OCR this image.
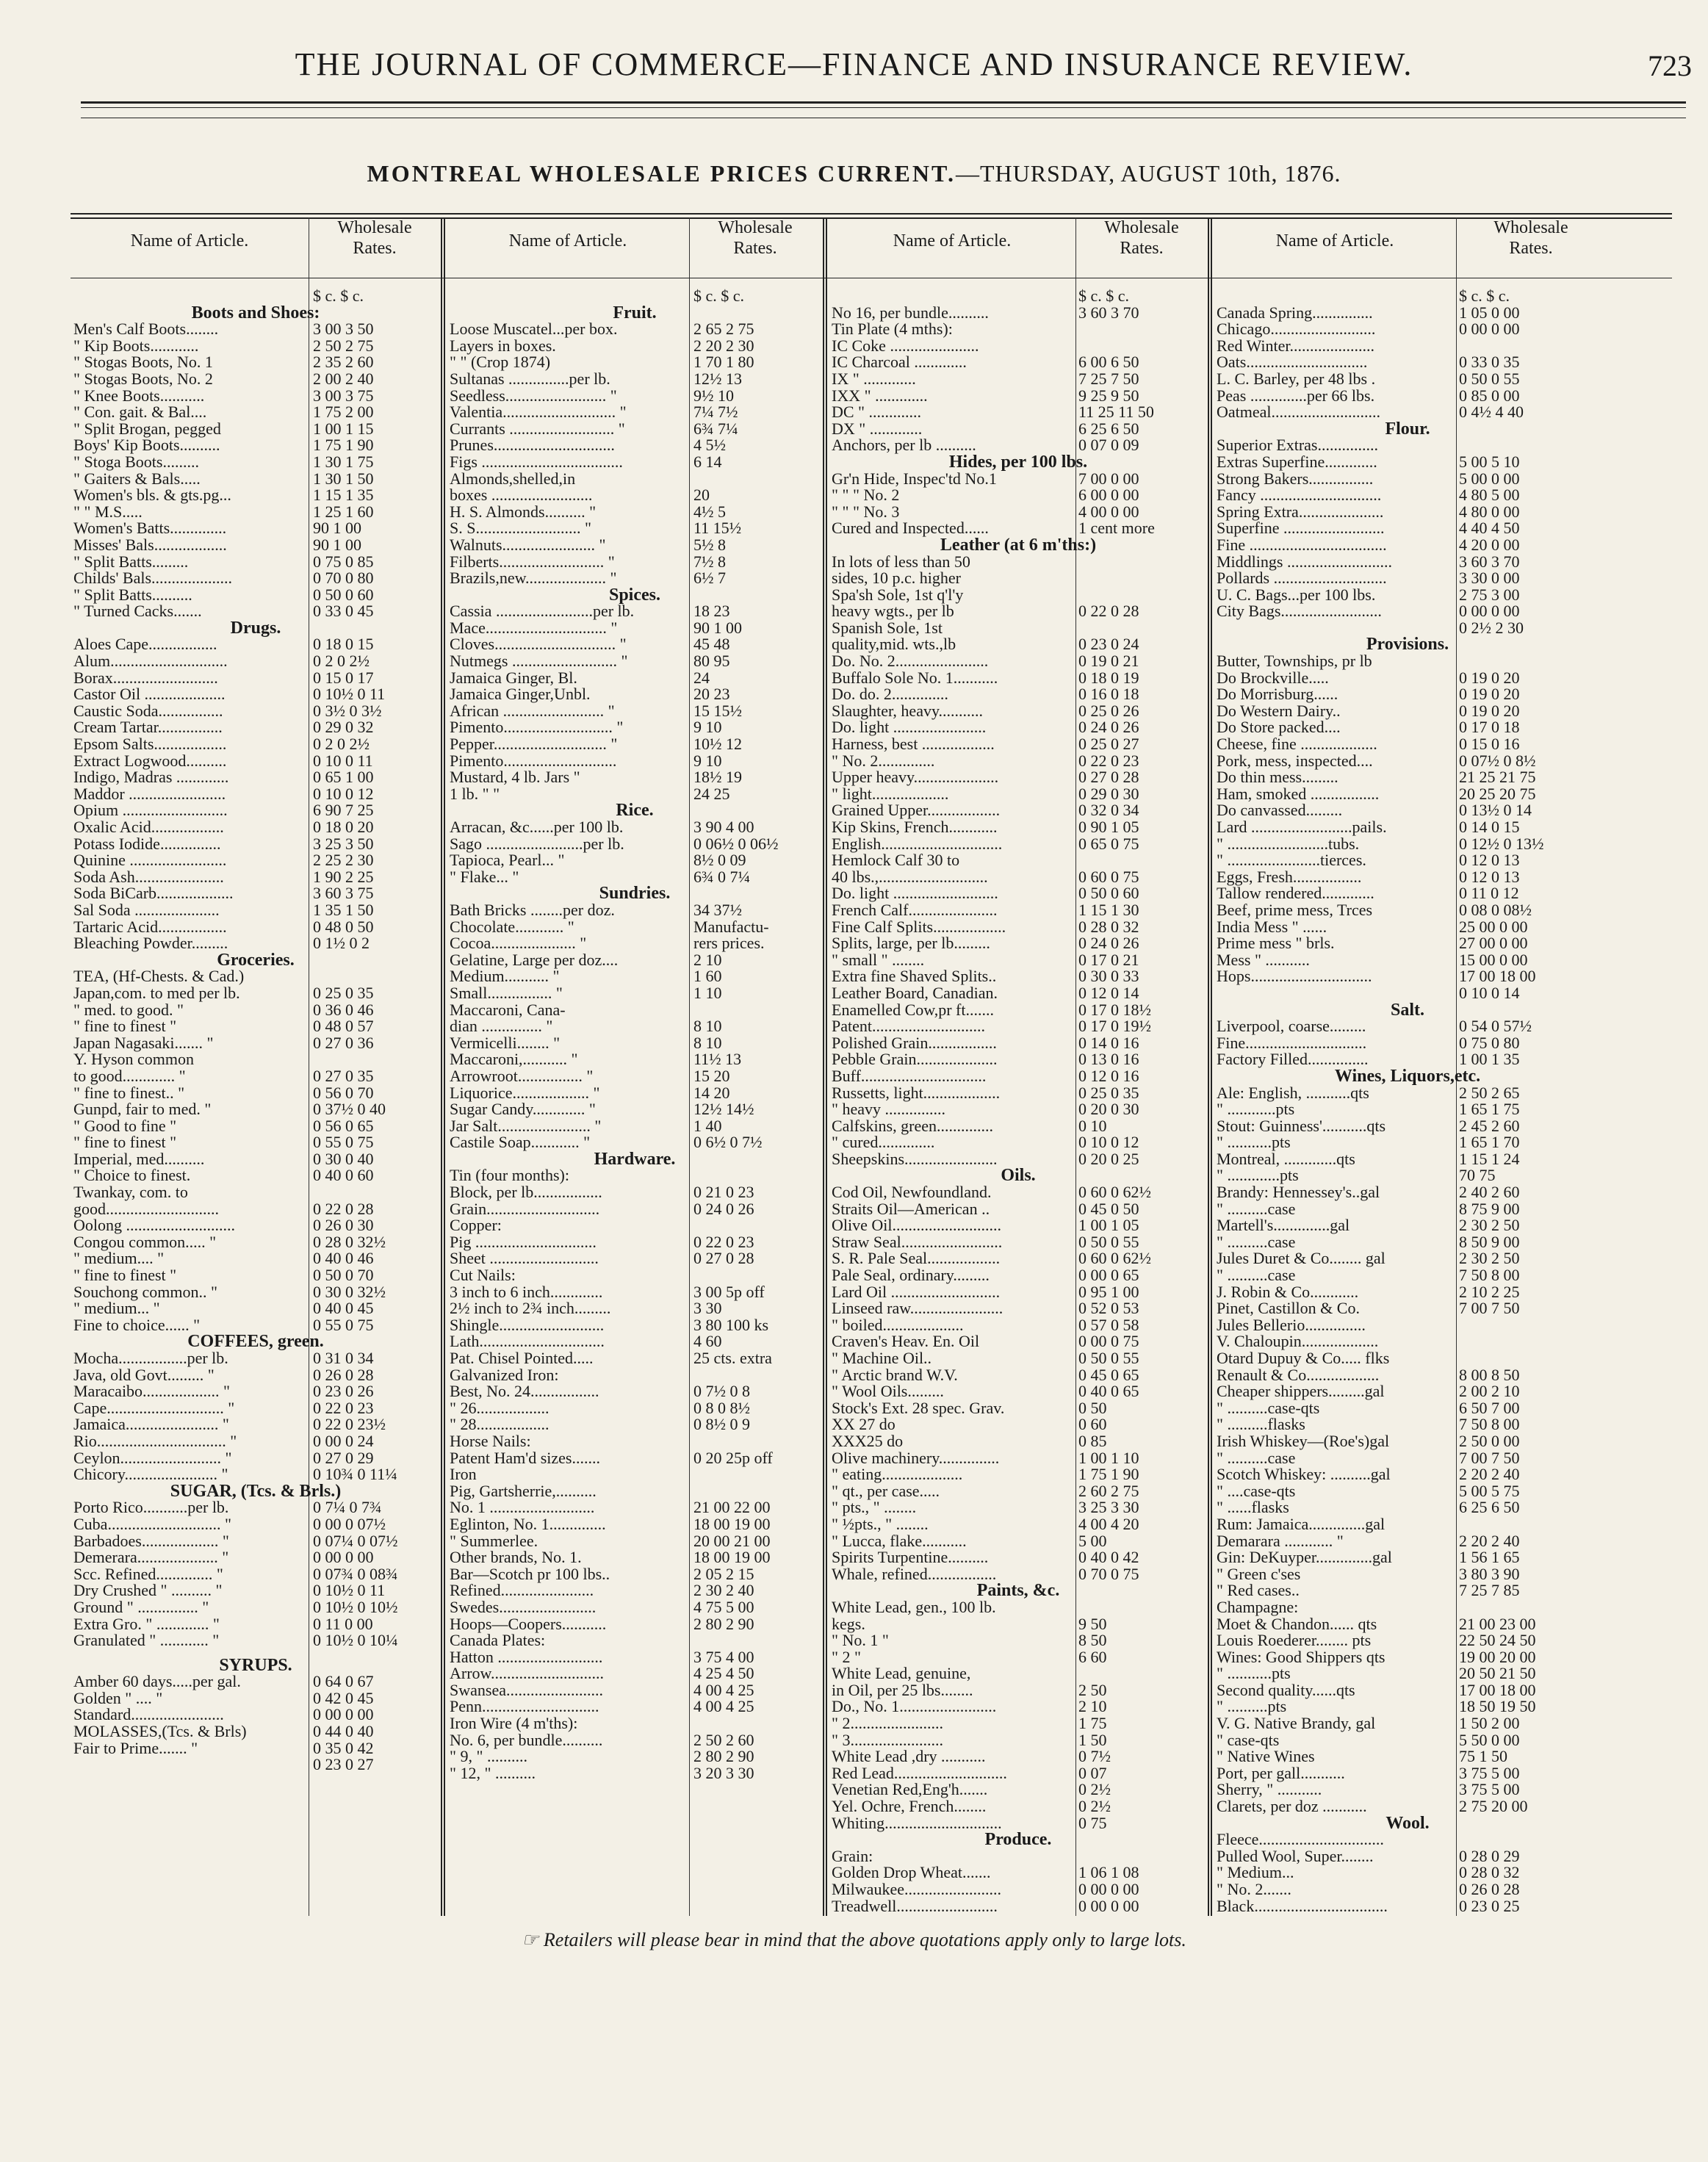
THE JOURNAL OF COMMERCE—FINANCE AND INSURANCE REVIEW.	723
MONTREAL WHOLESALE PRICES CURRENT.—THURSDAY, AUGUST 10th, 1876.
Name of Article.
Wholesale
Rates.	Name of Article.
Wholesale
Rates.	Name of Article.
Wholesale
Rates.	Name of Article.
Wholesale
Rates.
$ c. $ c.
Boots and Shoes:
Men's Calf Boots........	3 00 3 50
" Kip Boots............	2 50 2 75
" Stogas Boots, No. 1	2 35 2 60
" Stogas Boots, No. 2	2 00 2 40
" Knee Boots...........	3 00 3 75
" Con. gait. & Bal....	1 75 2 00
" Split Brogan, pegged	1 00 1 15
Boys' Kip Boots..........	1 75 1 90
" Stoga Boots.........	1 30 1 75
" Gaiters & Bals.....	1 30 1 50
Women's bls. & gts.pg...	1 15 1 35
" " M.S.....	1 25 1 60
Women's Batts..............	90 1 00
Misses' Bals..................	90 1 00
" Split Batts.........	0 75 0 85
Childs' Bals....................	0 70 0 80
" Split Batts..........	0 50 0 60
" Turned Cacks.......	0 33 0 45
Drugs.
Aloes Cape.................	0 18 0 15
Alum.............................	0 2 0 2½
Borax..........................	0 15 0 17
Castor Oil ....................	0 10½ 0 11
Caustic Soda................	0 3½ 0 3½
Cream Tartar................	0 29 0 32
Epsom Salts..................	0 2 0 2½
Extract Logwood..........	0 10 0 11
Indigo, Madras .............	0 65 1 00
Maddor ........................	0 10 0 12
Opium ..........................	6 90 7 25
Oxalic Acid..................	0 18 0 20
Potass Iodide...............	3 25 3 50
Quinine ........................	2 25 2 30
Soda Ash......................	1 90 2 25
Soda BiCarb...................	3 60 3 75
Sal Soda .....................	1 35 1 50
Tartaric Acid.................	0 48 0 50
Bleaching Powder.........	0 1½ 0 2
Groceries.
TEA, (Hf-Chests. & Cad.)
Japan,com. to med per lb.	0 25 0 35
" med. to good. "	0 36 0 46
" fine to finest "	0 48 0 57
Japan Nagasaki....... "	0 27 0 36
Y. Hyson common
to good............. "	0 27 0 35
" fine to finest.. "	0 56 0 70
Gunpd, fair to med. "	0 37½ 0 40
" Good to fine "	0 56 0 65
" fine to finest "	0 55 0 75
Imperial, med..........	0 30 0 40
" Choice to finest.	0 40 0 60
Twankay, com. to
good............................	0 22 0 28
Oolong ...........................	0 26 0 30
Congou common..... "	0 28 0 32½
" medium.... "	0 40 0 46
" fine to finest "	0 50 0 70
Souchong common.. "	0 30 0 32½
" medium... "	0 40 0 45
Fine to choice...... "	0 55 0 75
COFFEES, green.
Mocha.................per lb.	0 31 0 34
Java, old Govt......... "	0 26 0 28
Maracaibo................... "	0 23 0 26
Cape............................. "	0 22 0 23
Jamaica....................... "	0 22 0 23½
Rio................................ "	0 00 0 24
Ceylon......................... "	0 27 0 29
Chicory....................... "	0 10¾ 0 11¼
SUGAR, (Tcs. & Brls.)
Porto Rico...........per lb.	0 7¼ 0 7¾
Cuba............................ "	0 00 0 07½
Barbadoes................... "	0 07¼ 0 07½
Demerara.................... "	0 00 0 00
Scc. Refined.............. "	0 07¾ 0 08¾
Dry Crushed " .......... "	0 10½ 0 11
Ground " ............... "	0 10½ 0 10½
Extra Gro. " ............. "	0 11 0 00
Granulated " ............ "	0 10½ 0 10¼
SYRUPS.
Amber 60 days.....per gal.	0 64 0 67
Golden " .... "	0 42 0 45
Standard.......................	0 00 0 00
MOLASSES,(Tcs. & Brls)	0 44 0 40
Fair to Prime....... "	0 35 0 42
0 23 0 27
$ c. $ c.
Fruit.
Loose Muscatel...per box.	2 65 2 75
Layers in boxes.	2 20 2 30
" " (Crop 1874)	1 70 1 80
Sultanas ...............per lb.	12½ 13
Seedless......................... "	9½ 10
Valentia............................ "	7¼ 7½
Currants .......................... "	6¾ 7¼
Prunes..............................	4 5½
Figs ...................................	6 14
Almonds,shelled,in
boxes .........................	20
H. S. Almonds.......... "	4½ 5
S. S.......................... "	11 15½
Walnuts....................... "	5½ 8
Filberts.......................... "	7½ 8
Brazils,new.................... "	6½ 7
Spices.
Cassia ........................per lb.	18 23
Mace.............................. "	90 1 00
Cloves.............................. "	45 48
Nutmegs .......................... "	80 95
Jamaica Ginger, Bl.	24
Jamaica Ginger,Unbl.	20 23
African ......................... "	15 15½
Pimento........................... "	9 10
Pepper............................ "	10½ 12
Pimento............................	9 10
Mustard, 4 lb. Jars "	18½ 19
1 lb. " "	24 25
Rice.
Arracan, &c......per 100 lb.	3 90 4 00
Sago ........................per lb.	0 06½ 0 06½
Tapioca, Pearl... "	8½ 0 09
" Flake... "	6¾ 0 7¼
Sundries.
Bath Bricks ........per doz.	34 37½
Chocolate............ "	Manufactu-
Cocoa..................... "	rers prices.
Gelatine, Large per doz....	2 10
Medium........... "	1 60
Small................ "	1 10
Maccaroni, Cana-
dian ............... "	8 10
Vermicelli........ "	8 10
Maccaroni,........... "	11½ 13
Arrowroot................ "	15 20
Liquorice................... "	14 20
Sugar Candy............. "	12½ 14½
Jar Salt....................... "	1 40
Castile Soap............ "	0 6½ 0 7½
Hardware.
Tin (four months):
Block, per lb.................	0 21 0 23
Grain............................	0 24 0 26
Copper:
Pig ..............................	0 22 0 23
Sheet ...........................	0 27 0 28
Cut Nails:
3 inch to 6 inch.............	3 00 5p off
2½ inch to 2¾ inch.........	3 30
Shingle..........................	3 80 100 ks
Lath...............................	4 60
Pat. Chisel Pointed.....	25 cts. extra
Galvanized Iron:
Best, No. 24.................	0 7½ 0 8
" 26..................	0 8 0 8½
" 28..................	0 8½ 0 9
Horse Nails:
Patent Ham'd sizes.......	0 20 25p off
Iron
Pig, Gartsherrie,..........
No. 1 ..........................	21 00 22 00
Eglinton, No. 1..............	18 00 19 00
" Summerlee.	20 00 21 00
Other brands, No. 1.	18 00 19 00
Bar—Scotch pr 100 lbs..	2 05 2 15
Refined.......................	2 30 2 40
Swedes........................	4 75 5 00
Hoops—Coopers...........	2 80 2 90
Canada Plates:
Hatton ..........................	3 75 4 00
Arrow............................	4 25 4 50
Swansea........................	4 00 4 25
Penn.............................	4 00 4 25
Iron Wire (4 m'ths):
No. 6, per bundle..........	2 50 2 60
" 9, " ..........	2 80 2 90
" 12, " ..........	3 20 3 30
$ c. $ c.
No 16, per bundle..........	3 60 3 70
Tin Plate (4 mths):
IC Coke ......................
IC Charcoal .............	6 00 6 50
IX " .............	7 25 7 50
IXX " .............	9 25 9 50
DC " .............	11 25 11 50
DX " .............	6 25 6 50
Anchors, per lb ..........	0 07 0 09
Hides, per 100 lbs.
Gr'n Hide, Inspec'td No.1	7 00 0 00
" " " No. 2	6 00 0 00
" " " No. 3	4 00 0 00
Cured and Inspected......	1 cent more
Leather (at 6 m'ths:)
In lots of less than 50
sides, 10 p.c. higher
Spa'sh Sole, 1st q'l'y
heavy wgts., per lb	0 22 0 28
Spanish Sole, 1st
quality,mid. wts.,lb	0 23 0 24
Do. No. 2.......................	0 19 0 21
Buffalo Sole No. 1...........	0 18 0 19
Do. do. 2..............	0 16 0 18
Slaughter, heavy...........	0 25 0 26
Do. light .......................	0 24 0 26
Harness, best ..................	0 25 0 27
" No. 2..............	0 22 0 23
Upper heavy.....................	0 27 0 28
" light...................	0 29 0 30
Grained Upper..................	0 32 0 34
Kip Skins, French............	0 90 1 05
English..............................	0 65 0 75
Hemlock Calf 30 to
40 lbs.,...........................	0 60 0 75
Do. light ..........................	0 50 0 60
French Calf......................	1 15 1 30
Fine Calf Splits..................	0 28 0 32
Splits, large, per lb.........	0 24 0 26
" small " ........	0 17 0 21
Extra fine Shaved Splits..	0 30 0 33
Leather Board, Canadian.	0 12 0 14
Enamelled Cow,pr ft.......	0 17 0 18½
Patent............................	0 17 0 19½
Polished Grain.................	0 14 0 16
Pebble Grain....................	0 13 0 16
Buff...............................	0 12 0 16
Russetts, light...................	0 25 0 35
" heavy ...............	0 20 0 30
Calfskins, green..............	0 10
" cured..............	0 10 0 12
Sheepskins.......................	0 20 0 25
Oils.
Cod Oil, Newfoundland.	0 60 0 62½
Straits Oil—American ..	0 45 0 50
Olive Oil...........................	1 00 1 05
Straw Seal.........................	0 50 0 55
S. R. Pale Seal..................	0 60 0 62½
Pale Seal, ordinary.........	0 00 0 65
Lard Oil ...........................	0 95 1 00
Linseed raw.......................	0 52 0 53
" boiled....................	0 57 0 58
Craven's Heav. En. Oil	0 00 0 75
" Machine Oil..	0 50 0 55
" Arctic brand W.V.	0 45 0 65
" Wool Oils.........	0 40 0 65
Stock's Ext. 28 spec. Grav.	0 50
XX 27 do	0 60
XXX25 do	0 85
Olive machinery...............	1 00 1 10
" eating....................	1 75 1 90
" qt., per case.....	2 60 2 75
" pts., " ........	3 25 3 30
" ½pts., " ........	4 00 4 20
" Lucca, flake...........	5 00
Spirits Turpentine..........	0 40 0 42
Whale, refined.................	0 70 0 75
Paints, &c.
White Lead, gen., 100 lb.
kegs.	9 50
" No. 1 "	8 50
" 2 "	6 60
White Lead, genuine,
in Oil, per 25 lbs........	2 50
Do., No. 1........................	2 10
" 2.......................	1 75
" 3.......................	1 50
White Lead ,dry ...........	0 7½
Red Lead............................	0 07
Venetian Red,Eng'h.......	0 2½
Yel. Ochre, French........	0 2½
Whiting.............................	0 75
Produce.
Grain:
Golden Drop Wheat.......	1 06 1 08
Milwaukee........................	0 00 0 00
Treadwell.........................	0 00 0 00
$ c. $ c.
Canada Spring...............	1 05 0 00
Chicago..........................	0 00 0 00
Red Winter.....................
Oats..............................	0 33 0 35
L. C. Barley, per 48 lbs .	0 50 0 55
Peas ..............per 66 lbs.	0 85 0 00
Oatmeal...........................	0 4½ 4 40
Flour.
Superior Extras...............
Extras Superfine.............	5 00 5 10
Strong Bakers................	5 00 0 00
Fancy ..............................	4 80 5 00
Spring Extra.....................	4 80 0 00
Superfine .........................	4 40 4 50
Fine ..................................	4 20 0 00
Middlings ..........................	3 60 3 70
Pollards ............................	3 30 0 00
U. C. Bags...per 100 lbs.	2 75 3 00
City Bags.........................	0 00 0 00
0 2½ 2 30
Provisions.
Butter, Townships, pr lb
Do Brockville.....	0 19 0 20
Do Morrisburg......	0 19 0 20
Do Western Dairy..	0 19 0 20
Do Store packed....	0 17 0 18
Cheese, fine ...................	0 15 0 16
Pork, mess, inspected....	0 07½ 0 8½
Do thin mess.........	21 25 21 75
Ham, smoked .................	20 25 20 75
Do canvassed.........	0 13½ 0 14
Lard .........................pails.	0 14 0 15
" .........................tubs.	0 12½ 0 13½
" .......................tierces.	0 12 0 13
Eggs, Fresh.................	0 12 0 13
Tallow rendered.............	0 11 0 12
Beef, prime mess, Trces	0 08 0 08½
India Mess " ......	25 00 0 00
Prime mess " brls.	27 00 0 00
Mess " ...........	15 00 0 00
Hops..............................	17 00 18 00
0 10 0 14
Salt.
Liverpool, coarse.........	0 54 0 57½
Fine..............................	0 75 0 80
Factory Filled...............	1 00 1 35
Wines, Liquors,etc.
Ale: English, ...........qts	2 50 2 65
" ............pts	1 65 1 75
Stout: Guinness'...........qts	2 45 2 60
" ...........pts	1 65 1 70
Montreal, .............qts	1 15 1 24
" .............pts	70 75
Brandy: Hennessey's..gal	2 40 2 60
" ..........case	8 75 9 00
Martell's..............gal	2 30 2 50
" ..........case	8 50 9 00
Jules Duret & Co........ gal	2 30 2 50
" ..........case	7 50 8 00
J. Robin & Co............	2 10 2 25
Pinet, Castillon & Co.	7 00 7 50
Jules Bellerio...............
V. Chaloupin...................
Otard Dupuy & Co..... flks
Renault & Co..................	8 00 8 50
Cheaper shippers.........gal	2 00 2 10
" ..........case-qts	6 50 7 00
" ..........flasks	7 50 8 00
Irish Whiskey—(Roe's)gal	2 50 0 00
" ..........case	7 00 7 50
Scotch Whiskey: ..........gal	2 20 2 40
" ....case-qts	5 00 5 75
" ......flasks	6 25 6 50
Rum: Jamaica..............gal
Demarara ............ "	2 20 2 40
Gin: DeKuyper..............gal	1 56 1 65
" Green c'ses	3 80 3 90
" Red cases..	7 25 7 85
Champagne:
Moet & Chandon...... qts	21 00 23 00
Louis Roederer........ pts	22 50 24 50
Wines: Good Shippers qts	19 00 20 00
" ...........pts	20 50 21 50
Second quality......qts	17 00 18 00
" ..........pts	18 50 19 50
V. G. Native Brandy, gal	1 50 2 00
" case-qts	5 50 0 00
" Native Wines	75 1 50
Port, per gall...........	3 75 5 00
Sherry, " ...........	3 75 5 00
Clarets, per doz ...........	2 75 20 00
Wool.
Fleece...............................
Pulled Wool, Super........	0 28 0 29
" Medium...	0 28 0 32
" No. 2.......	0 26 0 28
Black.................................	0 23 0 25
☞ Retailers will please bear in mind that the above quotations apply only to large lots.
